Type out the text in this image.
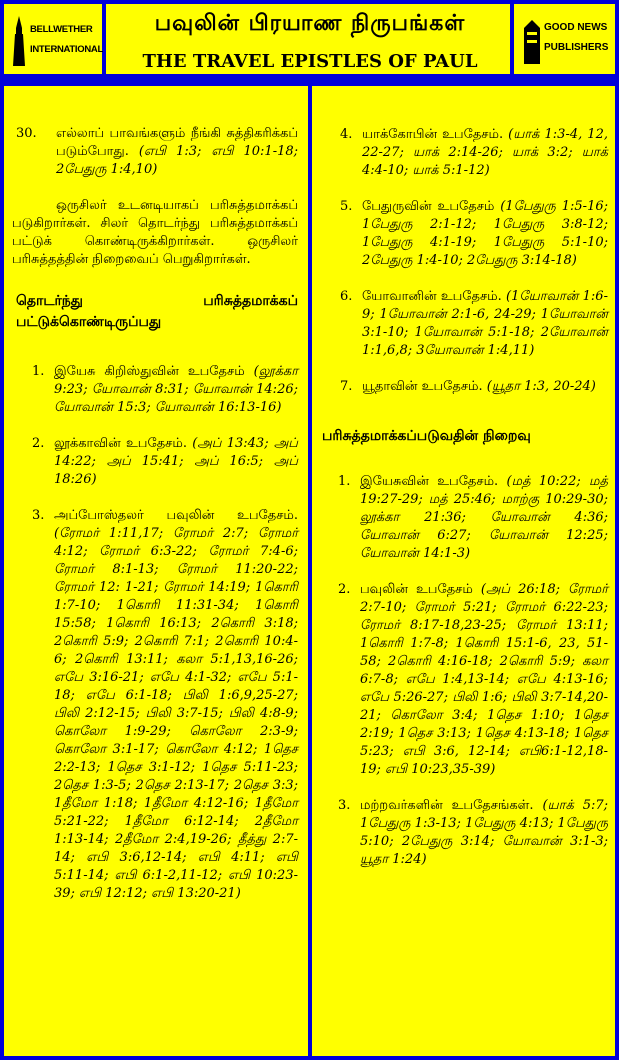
BELLWETHER
INTERNATIONAL
பவுலின் பிரயாண நிருபங்கள்
THE TRAVEL EPISTLES OF PAUL
GOOD NEWS
PUBLISHERS
30. எல்லாப் பாவங்களும் நீங்கி சுத்திகரிக்கப் படும்போது. (எபி 1:3; எபி 10:1-18; 2பேதுரு 1:4,10)
ஒருசிலர் உடனடியாகப் பரிசுத்தமாக்கப் படுகிறார்கள். சிலர் தொடர்ந்து பரிசுத்தமாக்கப் பட்டுக் கொண்டிருக்கிறார்கள். ஒருசிலர் பரிசுத்தத்தின் நிறைவைப் பெறுகிறார்கள்.
தொடர்ந்து பரிசுத்தமாக்கப் பட்டுக்கொண்டிருப்பது
1. இயேசு கிறிஸ்துவின் உபதேசம் (லூக்கா 9:23; யோவான் 8:31; யோவான் 14:26; யோவான் 15:3; யோவான் 16:13-16)
2. லூக்காவின் உபதேசம். (அப் 13:43; அப் 14:22; அப் 15:41; அப் 16:5; அப் 18:26)
3. அப்போஸ்தலர் பவுலின் உபதேசம். (ரோமர் 1:11,17; ரோமர் 2:7; ரோமர் 4:12; ரோமர் 6:3-22; ரோமர் 7:4-6; ரோமர் 8:1-13; ரோமர் 11:20-22; ரோமர் 12: 1-21; ரோமர் 14:19; 1கொரி 1:7-10; 1கொரி 11:31-34; 1கொரி 15:58; 1கொரி 16:13; 2கொரி 3:18; 2கொரி 5:9; 2கொரி 7:1; 2கொரி 10:4-6; 2கொரி 13:11; கலா 5:1,13,16-26; எபே 3:16-21; எபே 4:1-32; எபே 5:1-18; எபே 6:1-18; பிலி 1:6,9,25-27; பிலி 2:12-15; பிலி 3:7-15; பிலி 4:8-9; கொலோ 1:9-29; கொலோ 2:3-9; கொலோ 3:1-17; கொலோ 4:12; 1தெச 2:2-13; 1தெச 3:1-12; 1தெச 5:11-23; 2தெச 1:3-5; 2தெச 2:13-17; 2தெச 3:3; 1தீமோ 1:18; 1தீமோ 4:12-16; 1தீமோ 5:21-22; 1தீமோ 6:12-14; 2தீமோ 1:13-14; 2தீமோ 2:4,19-26; தீத்து 2:7-14; எபி 3:6,12-14; எபி 4:11; எபி 5:11-14; எபி 6:1-2,11-12; எபி 10:23-39; எபி 12:12; எபி 13:20-21)
4. யாக்கோபின் உபதேசம். (யாக் 1:3-4, 12, 22-27; யாக் 2:14-26; யாக் 3:2; யாக் 4:4-10; யாக் 5:1-12)
5. பேதுருவின் உபதேசம் (1பேதுரு 1:5-16; 1பேதுரு 2:1-12; 1பேதுரு 3:8-12; 1பேதுரு 4:1-19; 1பேதுரு 5:1-10; 2பேதுரு 1:4-10; 2பேதுரு 3:14-18)
6. யோவானின் உபதேசம். (1யோவான் 1:6-9; 1யோவான் 2:1-6, 24-29; 1யோவான் 3:1-10; 1யோவான் 5:1-18; 2யோவான் 1:1,6,8; 3யோவான் 1:4,11)
7. யூதாவின் உபதேசம். (யூதா 1:3, 20-24)
பரிசுத்தமாக்கப்படுவதின் நிறைவு
1. இயேசுவின் உபதேசம். (மத் 10:22; மத் 19:27-29; மத் 25:46; மாற்கு 10:29-30; லூக்கா 21:36; யோவான் 4:36; யோவான் 6:27; யோவான் 12:25; யோவான் 14:1-3)
2. பவுலின் உபதேசம் (அப் 26:18; ரோமர் 2:7-10; ரோமர் 5:21; ரோமர் 6:22-23; ரோமர் 8:17-18,23-25; ரோமர் 13:11; 1கொரி 1:7-8; 1கொரி 15:1-6, 23, 51-58; 2கொரி 4:16-18; 2கொரி 5:9; கலா 6:7-8; எபே 1:4,13-14; எபே 4:13-16; எபே 5:26-27; பிலி 1:6; பிலி 3:7-14,20-21; கொலோ 3:4; 1தெச 1:10; 1தெச 2:19; 1தெச 3:13; 1தெச 4:13-18; 1தெச 5:23; எபி 3:6, 12-14; எபி6:1-12,18-19; எபி 10:23,35-39)
3. மற்றவர்களின் உபதேசங்கள். (யாக் 5:7; 1பேதுரு 1:3-13; 1பேதுரு 4:13; 1பேதுரு 5:10; 2பேதுரு 3:14; யோவான் 3:1-3; யூதா 1:24)
